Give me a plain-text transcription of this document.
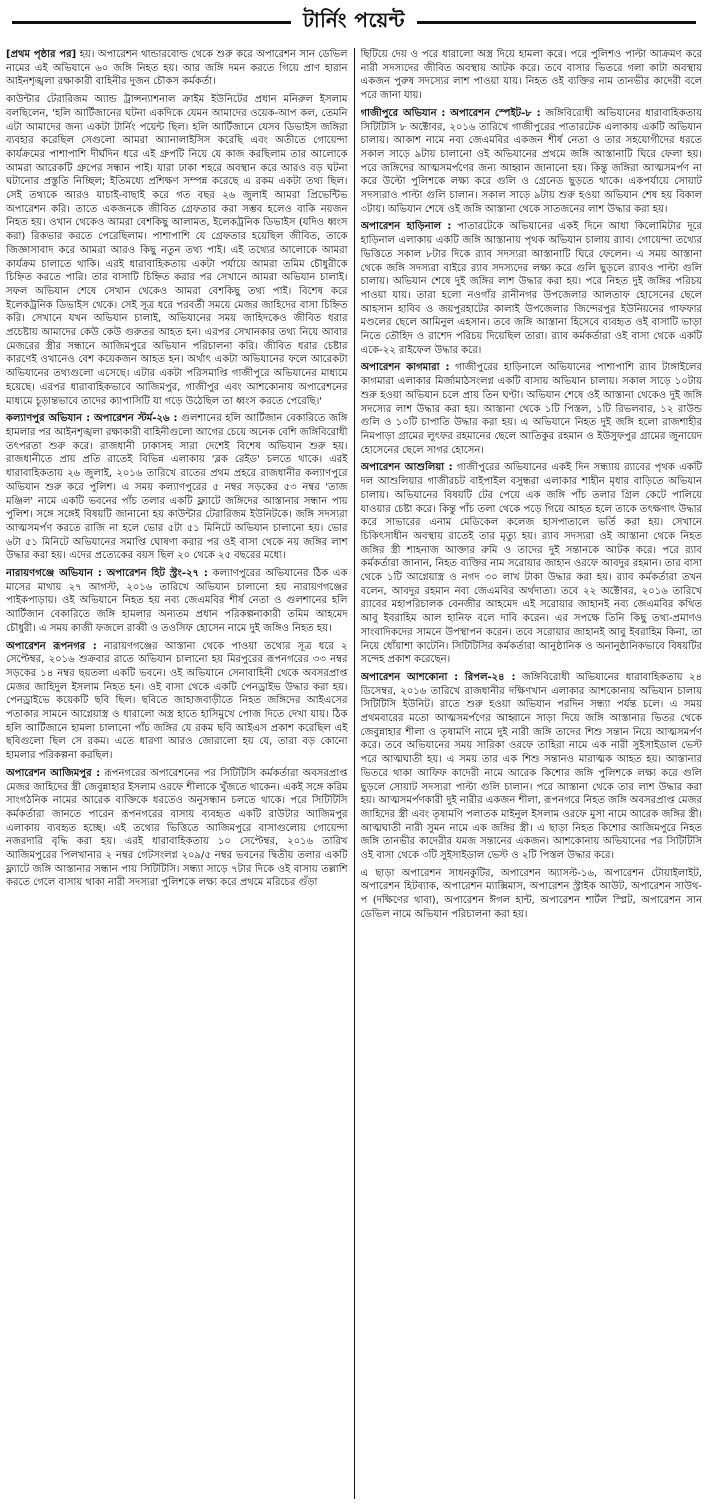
টার্নিং পয়েন্ট

[প্রথম পৃষ্ঠার পর] হয়। অপারেশন থান্ডারবোল্ড থেকে শুরু করে অপারেশন সান ডেভিল নামের এই অভিযানে ৬০ জঙ্গি নিহত হয়। আর জঙ্গি দমন করতে গিয়ে প্রাণ হারান আইনশৃঙ্খলা রক্ষাকারী বাহিনীর দুজন চৌকস কর্মকর্তা।

কাউন্টার টেরারিজম অ্যান্ড ট্রান্সন্যাশনাল ক্রাইম ইউনিটের প্রধান মনিরুল ইসলাম বলছিলেন, 'হলি আর্টিজানের ঘটনা একদিকে যেমন আমাদের ওয়েক-আপ কল, তেমনি এটা আমাদের জন্য একটা টার্নিং পয়েন্ট ছিল। হলি আর্টিজানে যেসব ডিভাইস জঙ্গিরা ব্যবহার করেছিল সেগুলো আমরা অ্যানালাইসিস করেছি এবং অতীতে গোয়েন্দা কার্যক্রমের পাশাপাশি দীর্ঘদিন ধরে এই গ্রুপটি নিয়ে যে কাজ করছিলাম তার আলোকে আমরা আরেকটি গ্রুপের সন্ধান পাই। যারা ঢাকা শহরে অবস্থান করে আরও বড় ঘটনা ঘটানোর প্রস্তুতি নিচ্ছিল; ইতিমধ্যে প্রশিক্ষণ সম্পন্ন করেছে এ রকম একটা তথ্য ছিল। সেই তথ্যকে আরও যাচাই-বাছাই করে গত বছর ২৬ জুলাই আমরা প্রিভেন্টিভ অপারেশন করি। তাতে একজনকে জীবিত গ্রেফতার করা সম্ভব হলেও বাকি নয়জন নিহত হয়। ওখান থেকেও আমরা বেশকিছু আলামত, ইলেকট্রনিক ডিভাইস (যদিও ধ্বংস করা) রিকভার করতে পেরেছিলাম। পাশাপাশি যে গ্রেফতার হয়েছিল জীবিত, তাকে জিজ্ঞাসাবাদ করে আমরা আরও কিছু নতুন তথ্য পাই। এই তথ্যের আলোকে আমরা কার্যক্রম চালাতে থাকি। এরই ধারাবাহিকতায় একটা পর্যায়ে আমরা তমিম চৌধুরীকে চিহ্নিত করতে পারি। তার বাসাটি চিহ্নিত করার পর সেখানে আমরা অভিযান চালাই। সফল অভিযান শেষে সেখান থেকেও আমরা বেশকিছু তথ্য পাই। বিশেষ করে ইলেকট্রনিক ডিভাইস থেকে। সেই সূত্র ধরে পরবর্তী সময়ে মেজর জাহিদের বাসা চিহ্নিত করি। সেখানে যখন অভিযান চালাই, অভিযানের সময় জাহিদকেও জীবিত ধরার প্রচেষ্টায় আমাদের কেউ কেউ গুরুতর আহত হন। এরপর সেখানকার তথ্য নিয়ে আবার মেজরের স্ত্রীর সন্ধানে আজিমপুরে অভিযান পরিচালনা করি। জীবিত ধরার চেষ্টার কারণেই ওখানেও বেশ কয়েকজন আহত হন। অর্থাৎ একটা অভিযানের ফলে আরেকটা অভিযানের তথ্যগুলো এসেছে। এটার একটা পরিসমাপ্তি গাজীপুরে অভিযানের মাধ্যমে হয়েছে। এরপর ধারাবাহিকভাবে আজিমপুর, গাজীপুর এবং আশকোনায় অপারেশনের মাধ্যমে চূড়ান্তভাবে তাদের ক্যাপাসিটি যা গড়ে উঠেছিল তা ধ্বংস করতে পেরেছি।'

কল্যাণপুর অভিযান : অপারেশন স্টর্ম-২৬ : গুলশানের হলি আর্টিজান বেকারিতে জঙ্গি হামলার পর আইনশৃঙ্খলা রক্ষাকারী বাহিনীগুলো আগের চেয়ে অনেক বেশি জঙ্গিবিরোধী তৎপরতা শুরু করে। রাজধানী ঢাকাসহ সারা দেশেই বিশেষ অভিযান শুরু হয়। রাজধানীতে প্রায় প্রতি রাতেই বিভিন্ন এলাকায় 'ব্লক রেইড' চলতে থাকে। এরই ধারাবাহিকতায় ২৬ জুলাই, ২০১৬ তারিখে রাতের প্রথম প্রহরে রাজধানীর কল্যাণপুরে অভিযান শুরু করে পুলিশ। এ সময় কল্যাণপুরের ৫ নম্বর সড়কের ৫৩ নম্বর 'তাজ মঞ্জিল' নামে একটি ভবনের পাঁচ তলার একটি ফ্ল্যাটে জঙ্গিদের আস্তানার সন্ধান পায় পুলিশ। সঙ্গে সঙ্গেই বিষয়টি জানানো হয় কাউন্টার টেরারিজম ইউনিটকে। জঙ্গি সদস্যরা আত্মসমর্পণ করতে রাজি না হলে ভোর ৫টা ৫১ মিনিটে অভিযান চালানো হয়। ভোর ৬টা ৫১ মিনিটে অভিযানের সমাপ্তি ঘোষণা করার পর ওই বাসা থেকে নয় জঙ্গির লাশ উদ্ধার করা হয়। এদের প্রত্যেকের বয়স ছিল ২০ থেকে ২৫ বছরের মধ্যে।

নারায়ণগঞ্জে অভিযান : অপারেশন হিট স্ট্রং-২৭ : কল্যাণপুরের অভিযানের ঠিক এক মাসের মাথায় ২৭ আগস্ট, ২০১৬ তারিখে অভিযান চালানো হয় নারায়ণগঞ্জের পাইকপাড়ায়। ওই অভিযানে নিহত হয় নব্য জেএমবির শীর্ষ নেতা ও গুলশানের হলি আর্টিজান বেকারিতে জঙ্গি হামলার অন্যতম প্রধান পরিকল্পনাকারী তমিম আহমেদ চৌধুরী। এ সময় কাজী ফজলে রাব্বী ও তওসিফ হোসেন নামে দুই জঙ্গিও নিহত হয়।

অপারেশন রূপনগর : নারায়ণগঞ্জের আস্তানা থেকে পাওয়া তথ্যের সূত্র ধরে ২ সেপ্টেম্বর, ২০১৬ শুক্রবার রাতে অভিযান চালানো হয় মিরপুরের রূপনগরের ৩৩ নম্বর সড়কের ১৪ নম্বর ছয়তলা একটি ভবনে। ওই অভিযানে সেনাবাহিনী থেকে অবসরপ্রাপ্ত মেজর জাহিদুল ইসলাম নিহত হন। ওই বাসা থেকে একটি পেনড্রাইভ উদ্ধার করা হয়। পেনড্রাইভে কয়েকটি ছবি ছিল। ছবিতে জাহাজবাড়ীতে নিহত জঙ্গিদের আইএসের পতাকার সামনে আগ্নেয়াস্ত্র ও ধারালো অস্ত্র হাতে হাসিমুখে পোজ দিতে দেখা যায়। ঠিক হলি আর্টিজানে হামলা চালানো পাঁচ জঙ্গির যে রকম ছবি আইএস প্রকাশ করেছিল এই ছবিগুলো ছিল সে রকম। এতে ধারণা আরও জোরালো হয় যে, তারা বড় কোনো হামলার পরিকল্পনা করছিল।

অপারেশন আজিমপুর : রূপনগরের অপারেশনের পর সিটিটিসি কর্মকর্তারা অবসরপ্রাপ্ত মেজর জাহিদের স্ত্রী জেবুন্নাহার ইসলাম ওরফে শীলাকে খুঁজতে থাকেন। একই সঙ্গে করিম সাংগঠনিক নামের আরেক ব্যক্তিকে ধরতেও অনুসন্ধান চলতে থাকে। পরে সিটিটিসি কর্মকর্তারা জানতে পারেন রূপনগরের বাসায় ব্যবহৃত একটি রাউটার আজিমপুর এলাকায় ব্যবহৃত হচ্ছে। এই তথ্যের ভিত্তিতে আজিমপুরে বাসাগুলোয় গোয়েন্দা নজরদারি বৃদ্ধি করা হয়। এরই ধারাবাহিকতায় ১০ সেপ্টেম্বর, ২০১৬ তারিখ আজিমপুরের পিলখানার ২ নম্বর গেটসংলগ্ন ২০৯/৫ নম্বর ভবনের দ্বিতীয় তলার একটি ফ্ল্যাটে জঙ্গি আস্তানার সন্ধান পায় সিটিটিসি। সন্ধ্যা সাড়ে ৭টার দিকে ওই বাসায় তল্লাশি করতে গেলে বাসায় থাকা নারী সদস্যরা পুলিশকে লক্ষ্য করে প্রথমে মরিচের গুঁড়া

ছিটিয়ে দেয় ও পরে ধারালো অস্ত্র দিয়ে হামলা করে। পরে পুলিশও পাল্টা আক্রমণ করে নারী সদস্যদের জীবিত অবস্থায় আটক করে। তবে বাসার ভিতরে গলা কাটা অবস্থায় একজন পুরুষ সদস্যের লাশ পাওয়া যায়। নিহত ওই ব্যক্তির নাম তানভীর কাদেরী বলে পরে জানা যায়।

গাজীপুরে অভিযান : অপারেশন স্পেইট-৮ : জঙ্গিবিরোধী অভিযানের ধারাবাহিকতায় সিটিটিসি ৮ অক্টোবর, ২০১৬ তারিখে গাজীপুরের পাতারটেক এলাকায় একটি অভিযান চালায়। আকাশ নামে নব্য জেএমবির একজন শীর্ষ নেতা ও তার সহযোগীদের ধরতে সকাল সাড়ে ৯টায় চালানো ওই অভিযানের প্রথমে জঙ্গি আস্তানাটি ঘিরে ফেলা হয়। পরে জঙ্গিদের আত্মসমর্পণের জন্য আহ্বান জানানো হয়। কিন্তু জঙ্গিরা আত্মসমর্পণ না করে উল্টো পুলিশকে লক্ষ্য করে গুলি ও গ্রেনেড ছুড়তে থাকে। একপর্যায়ে সোয়াট সদস্যরাও পাল্টা গুলি চালান। সকাল সাড়ে ৯টায় শুরু হওয়া অভিযান শেষ হয় বিকাল ৩টায়। অভিযান শেষে ওই জঙ্গি আস্তানা থেকে সাতজনের লাশ উদ্ধার করা হয়।

অপারেশন হাড়িনাল : পাতারটেকে অভিযানের একই দিনে আধা কিলোমিটার দূরে হাড়িনাল এলাকায় একটি জঙ্গি আস্তানায় পৃথক অভিযান চালায় র‍্যাব। গোয়েন্দা তথ্যের ভিত্তিতে সকাল ৮টার দিকে র‍্যাব সদস্যরা আস্তানাটি ঘিরে ফেলেন। এ সময় আস্তানা থেকে জঙ্গি সদস্যরা বাইরে র‍্যাব সদস্যদের লক্ষ্য করে গুলি ছুড়লে র‍্যাবও পাল্টা গুলি চালায়। অভিযান শেষে দুই জঙ্গির লাশ উদ্ধার করা হয়। পরে নিহত দুই জঙ্গির পরিচয় পাওয়া যায়। তারা হলো নওগাঁর রানীনগর উপজেলার আলতাফ হোসেনের ছেলে আহসান হাবিব ও জয়পুরহাটের কালাই উপজেলার জিন্দেরপুর ইউনিয়নের গাফফার মণ্ডলের ছেলে আমিনুল এহসান। তবে জঙ্গি আস্তানা হিসেবে ব্যবহৃত ওই বাসাটি ভাড়া নিতে তৌহিদ ও রাশেদ পরিচয় দিয়েছিল তারা। র‍্যাব কর্মকর্তারা ওই বাসা থেকে একটি একে-২২ রাইফেল উদ্ধার করে।

অপারেশন কাগমারা : গাজীপুরের হাড়িনালে অভিযানের পাশাপাশি র‍্যাব টাঙ্গাইলের কাগমারা এলাকার মির্জামাঠসংলগ্ন একটি বাসায় অভিযান চালায়। সকাল সাড়ে ১০টায় শুরু হওয়া অভিযান চলে প্রায় তিন ঘণ্টা। অভিযান শেষে ওই আস্তানা থেকেও দুই জঙ্গি সদস্যের লাশ উদ্ধার করা হয়। আস্তানা থেকে ১টি পিস্তল, ১টি রিভলবার, ১২ রাউন্ড গুলি ও ১০টি চাপাতি উদ্ধার করা হয়। এ অভিযানে নিহত দুই জঙ্গি হলো রাজশাহীর নিমপাড়া গ্রামের লুৎফর রহমানের ছেলে আতিকুর রহমান ও ইউসুফপুর গ্রামের জুনায়েদ হোসেনের ছেলে সাগর হোসেন।

অপারেশন আশুলিয়া : গাজীপুরের অভিযানের একই দিন সন্ধ্যায় র‍্যাবের পৃথক একটি দল আশুলিয়ার গাজীরচট বাইপাইল বসুন্ধরা এলাকার শাহীন মৃধার বাড়িতে অভিযান চালায়। অভিযানের বিষয়টি টের পেয়ে এক জঙ্গি পাঁচ তলার গ্রিল কেটে পালিয়ে যাওয়ার চেষ্টা করে। কিন্তু পাঁচ তলা থেকে পড়ে গিয়ে আহত হলে তাকে তৎক্ষণাৎ উদ্ধার করে সাভারের এনাম মেডিকেল কলেজ হাসপাতালে ভর্তি করা হয়। সেখানে চিকিৎসাধীন অবস্থায় রাতেই তার মৃত্যু হয়। র‍্যাব সদস্যরা ওই আস্তানা থেকে নিহত জঙ্গির স্ত্রী শাহনাজ আক্তার রুমি ও তাদের দুই সন্তানকে আটক করে। পরে র‍্যাব কর্মকর্তারা জানান, নিহত ব্যক্তির নাম সরোয়ার জাহান ওরফে আবদুর রহমান। তার বাসা থেকে ১টি আগ্নেয়াস্ত্র ও নগদ ৩০ লাখ টাকা উদ্ধার করা হয়। র‍্যাব কর্মকর্তারা তখন বলেন, আবদুর রহমান নব্য জেএমবির অর্থদাতা। তবে ২২ অক্টোবর, ২০১৬ তারিখে র‍্যাবের মহাপরিচালক বেনজীর আহমেদ এই সরোয়ার জাহানই নব্য জেএমবির কথিত আবু ইবরাহিম আল হানিফ বলে দাবি করেন। এর সপক্ষে তিনি কিছু তথ্য-প্রমাণও সাংবাদিকদের সামনে উপস্থাপন করেন। তবে সরোয়ার জাহানই আবু ইবরাহিম কিনা, তা নিয়ে ধোঁয়াশা কাটেনি। সিটিটিসির কর্মকর্তারা আনুষ্ঠানিক ও অনানুষ্ঠানিকভাবে বিষয়টির সন্দেহ প্রকাশ করেছেন।

অপারেশন আশকোনা : রিপল-২৪ : জঙ্গিবিরোধী অভিযানের ধারাবাহিকতায় ২৪ ডিসেম্বর, ২০১৬ তারিখে রাজধানীর দক্ষিণখান এলাকার আশকোনায় অভিযান চালায় সিটিটিসি ইউনিট। রাতে শুরু হওয়া অভিযান পরদিন সন্ধ্যা পর্যন্ত চলে। এ সময় প্রথমবারের মতো আত্মসমর্পণের আহ্বানে সাড়া দিয়ে জঙ্গি আস্তানার ভিতর থেকে জেবুন্নাহার শীলা ও তৃষামণি নামে দুই নারী জঙ্গি তাদের শিশু সন্তান নিয়ে আত্মসমর্পণ করে। তবে অভিযানের সময় সারিকা ওরফে তাহিরা নামে এক নারী সুইসাইডাল ভেস্ট পরে আত্মঘাতী হয়। এ সময় তার এক শিশু সন্তানও মারাত্মক আহত হয়। আস্তানার ভিতরে থাকা আফিফ কাদেরী নামে আরেক কিশোর জঙ্গি পুলিশকে লক্ষ্য করে গুলি ছুড়লে সোয়াট সদস্যরা পাল্টা গুলি চালান। পরে আস্তানা থেকে তার লাশ উদ্ধার করা হয়। আত্মসমর্পণকারী দুই নারীর একজন শীলা, রূপনগরে নিহত জঙ্গি অবসরপ্রাপ্ত মেজর জাহিদের স্ত্রী এবং তৃষামণি পলাতক মাইনুল ইসলাম ওরফে মুসা নামে আরেক জঙ্গির স্ত্রী। আত্মঘাতী নারী সুমন নামে এক জঙ্গির স্ত্রী। এ ছাড়া নিহত কিশোর আজিমপুরে নিহত জঙ্গি তানভীর কাদেরীর যমজ সন্তানের একজন। আশকোনায় অভিযানের পর সিটিটিসি ওই বাসা থেকে ৩টি সুইসাইডাল ভেস্ট ও ২টি পিস্তল উদ্ধার করে।

এ ছাড়া অপারেশন সাধনকুটির, অপারেশন অ্যাসল্ট-১৬, অপারেশন টোয়াইলাইট, অপারেশন হিটব্যাক, অপারেশন ম্যাক্সিমাস, অপারেশন স্ট্রাইক আউট, অপারেশন সাউথ-প (দক্ষিণের থাবা), অপারেশন ঈগল হান্ট, অপারেশন শার্টল স্প্লিট, অপারেশন সান ডেভিল নামে অভিযান পরিচালনা করা হয়।
